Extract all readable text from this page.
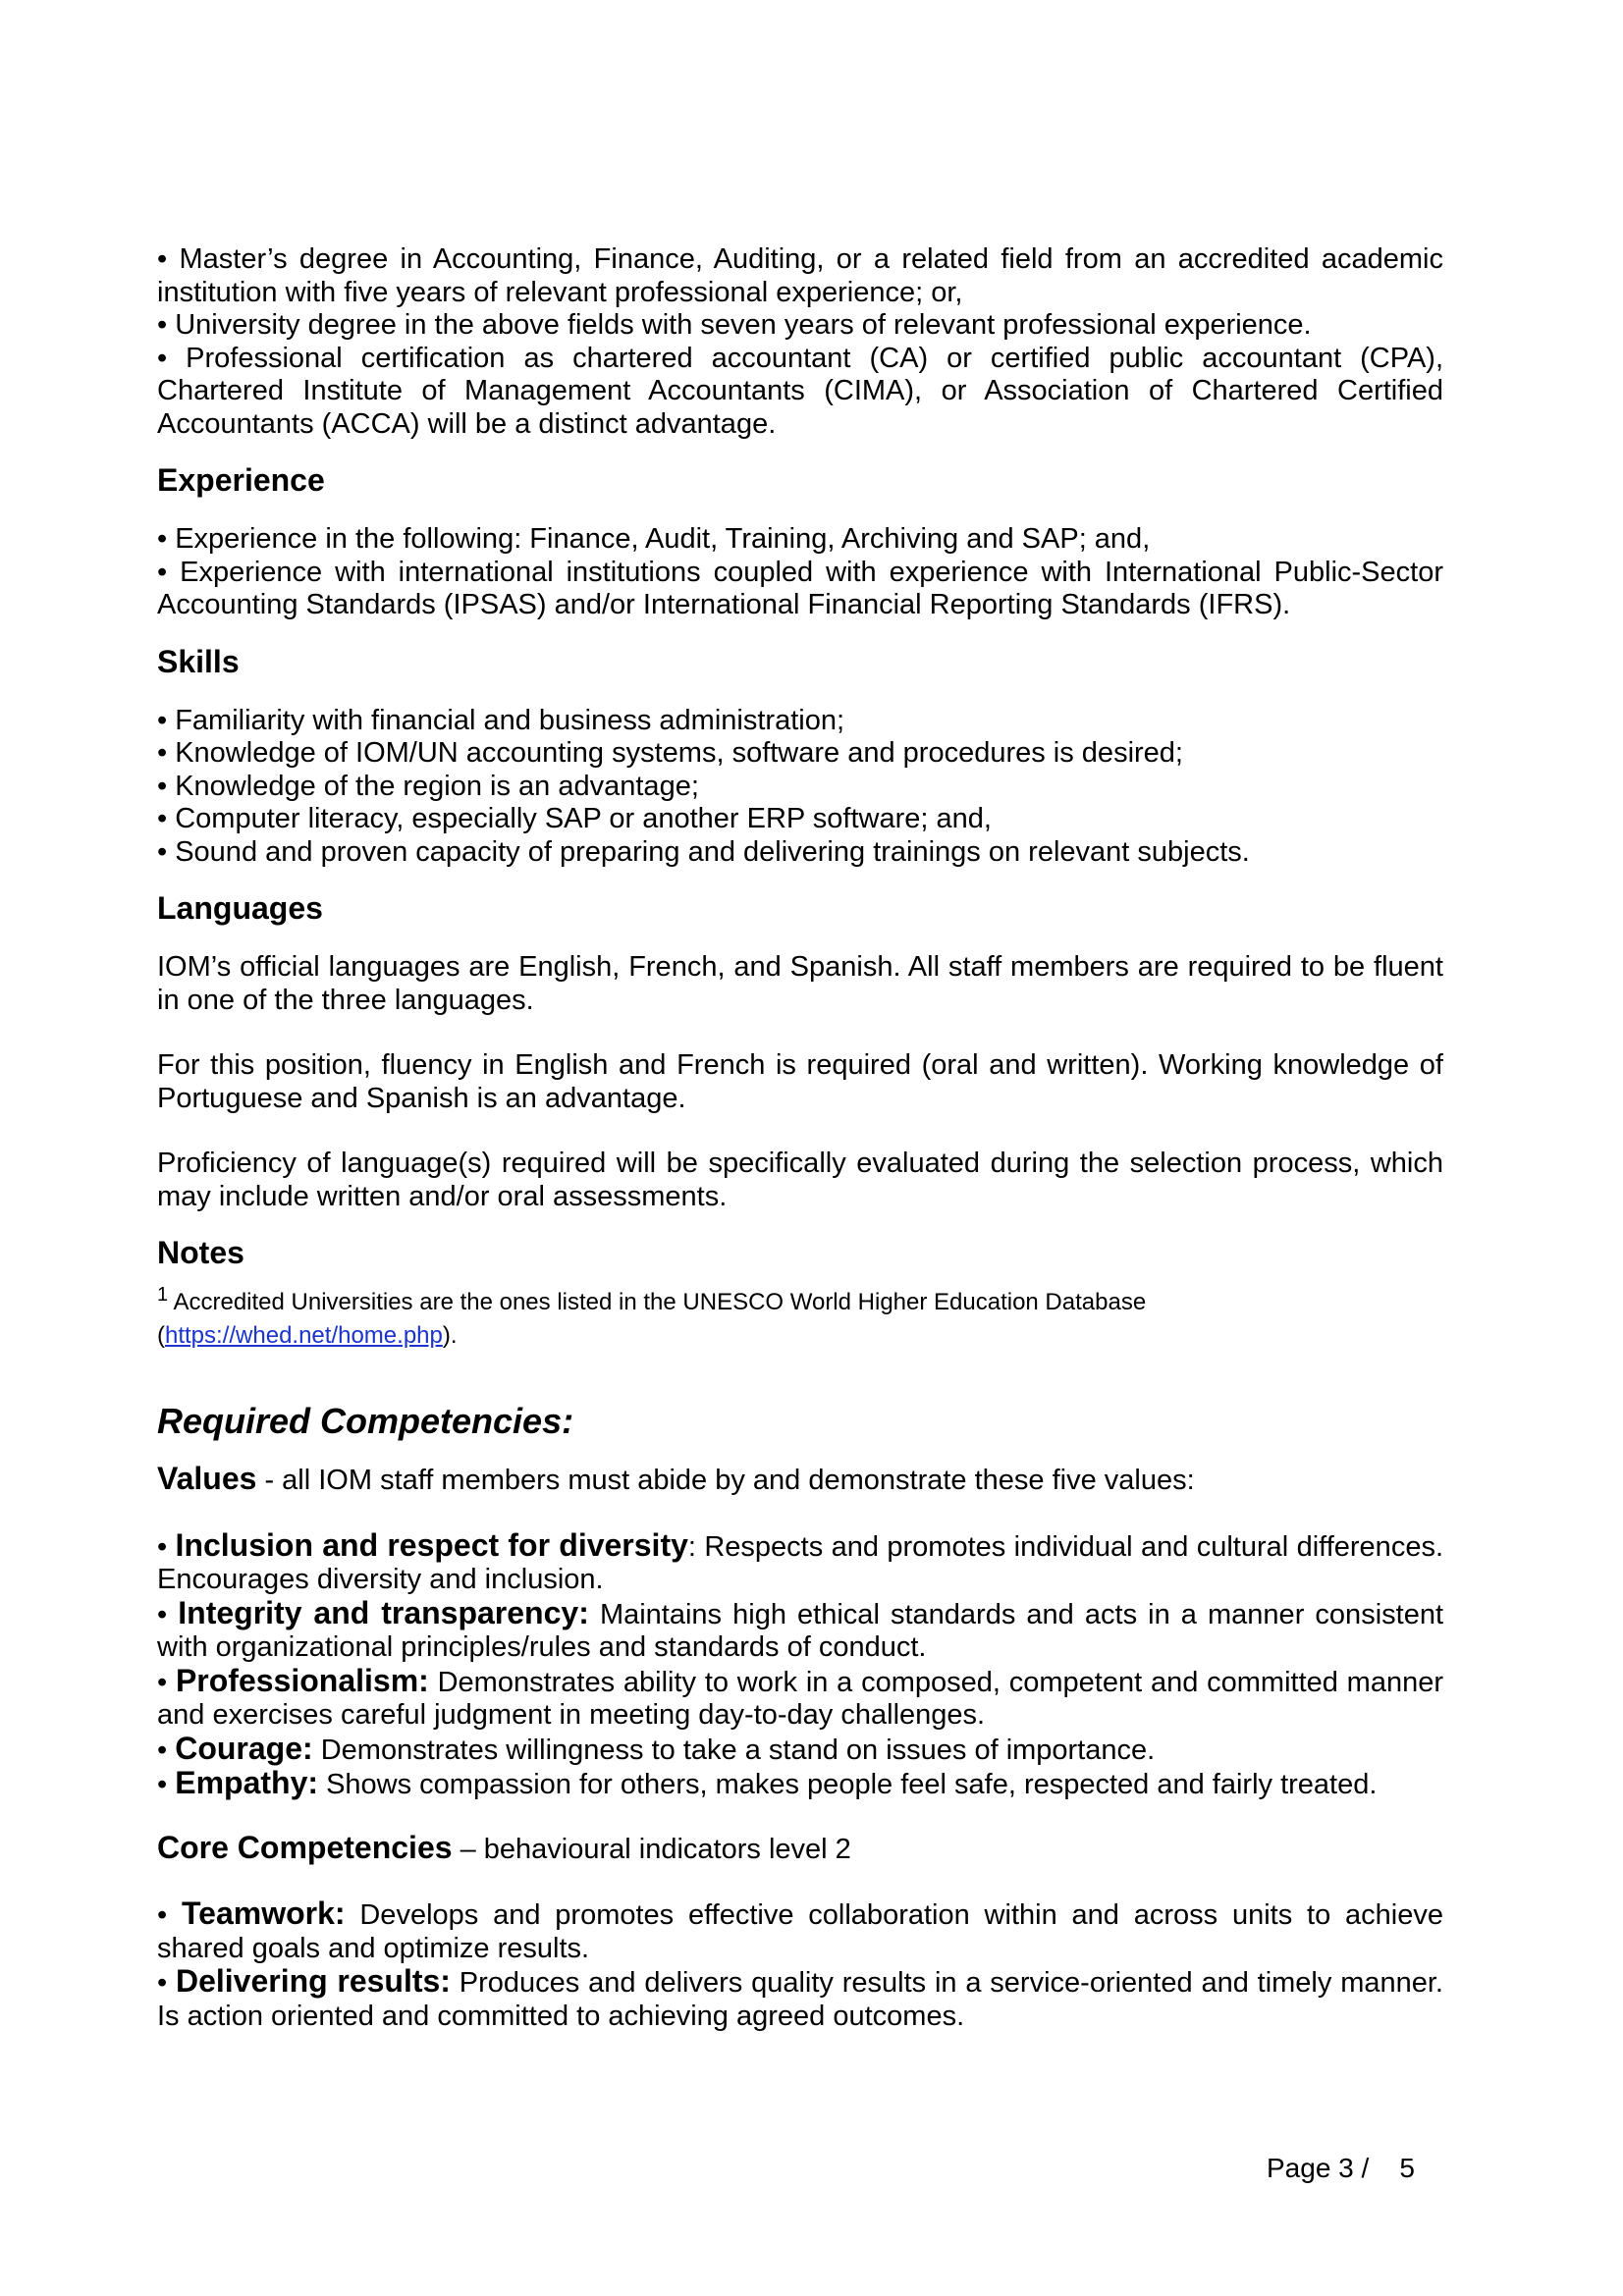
• Master’s degree in Accounting, Finance, Auditing, or a related field from an accredited academic institution with five years of relevant professional experience; or,

• University degree in the above fields with seven years of relevant professional experience.

• Professional certification as chartered accountant (CA) or certified public accountant (CPA), Chartered Institute of Management Accountants (CIMA), or Association of Chartered Certified Accountants (ACCA) will be a distinct advantage.

Experience

• Experience in the following: Finance, Audit, Training, Archiving and SAP; and,

• Experience with international institutions coupled with experience with International Public-Sector Accounting Standards (IPSAS) and/or International Financial Reporting Standards (IFRS).

Skills

• Familiarity with financial and business administration;

• Knowledge of IOM/UN accounting systems, software and procedures is desired;

• Knowledge of the region is an advantage;

• Computer literacy, especially SAP or another ERP software; and,

• Sound and proven capacity of preparing and delivering trainings on relevant subjects.

Languages

IOM’s official languages are English, French, and Spanish. All staff members are required to be fluent in one of the three languages.

For this position, fluency in English and French is required (oral and written). Working knowledge of Portuguese and Spanish is an advantage.

Proficiency of language(s) required will be specifically evaluated during the selection process, which may include written and/or oral assessments.

Notes

$^1$ Accredited Universities are the ones listed in the UNESCO World Higher Education Database

(https://whed.net/home.php).

Required Competencies:

Values - all IOM staff members must abide by and demonstrate these five values:

• Inclusion and respect for diversity: Respects and promotes individual and cultural differences. Encourages diversity and inclusion.

• Integrity and transparency: Maintains high ethical standards and acts in a manner consistent with organizational principles/rules and standards of conduct.

• Professionalism: Demonstrates ability to work in a composed, competent and committed manner and exercises careful judgment in meeting day-to-day challenges.

• Courage: Demonstrates willingness to take a stand on issues of importance.

• Empathy: Shows compassion for others, makes people feel safe, respected and fairly treated.

Core Competencies – behavioural indicators level 2

• Teamwork: Develops and promotes effective collaboration within and across units to achieve shared goals and optimize results.

• Delivering results: Produces and delivers quality results in a service-oriented and timely manner. Is action oriented and committed to achieving agreed outcomes.

Page 3 /    5
